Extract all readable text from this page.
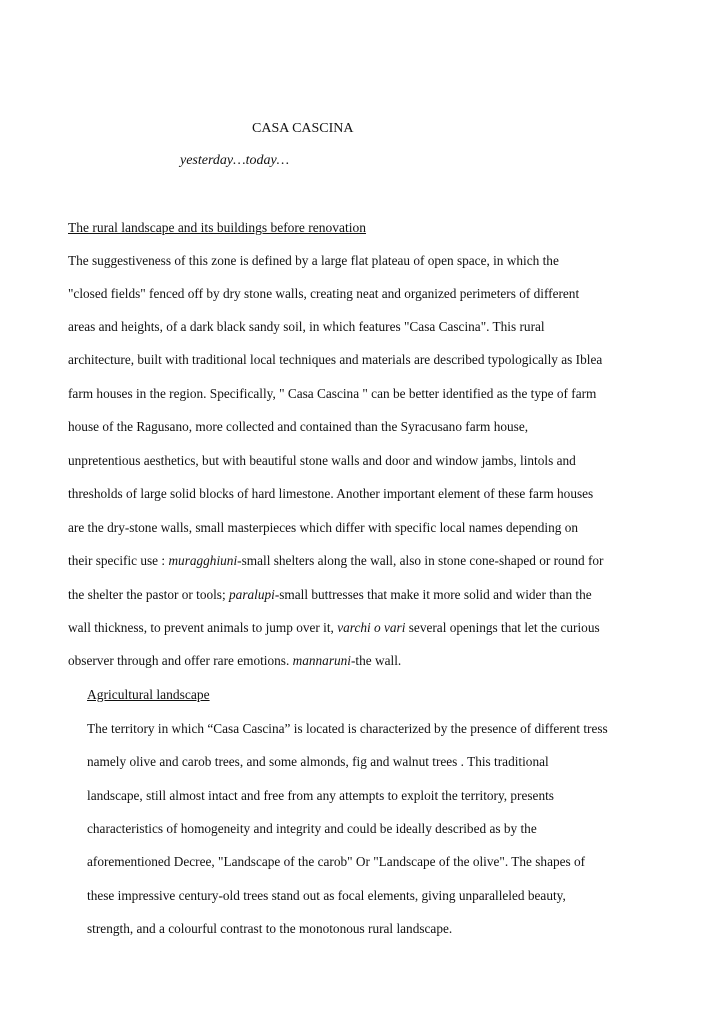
CASA CASCINA
yesterday…today…
The rural landscape and its buildings before renovation
The suggestiveness of this zone is defined by a large flat plateau of open space, in which the
"closed fields" fenced off by dry stone walls, creating neat and organized perimeters of different
areas and heights, of a dark black sandy soil, in which features "Casa Cascina". This rural
architecture, built with traditional local techniques and materials are described typologically as Iblea
farm houses in the region. Specifically, " Casa Cascina " can be better identified as the type of farm
house of the Ragusano, more collected and contained than the Syracusano farm house,
unpretentious aesthetics, but with beautiful stone walls and door and window jambs, lintols and
thresholds of large solid blocks of hard limestone. Another important element of these farm houses
are the dry-stone walls, small masterpieces which differ with specific local names depending on
their specific use : muragghiuni-small shelters along the wall, also in stone cone-shaped or round for
the shelter the pastor or tools; paralupi-small buttresses that make it more solid and wider than the
wall thickness, to prevent animals to jump over it, varchi o vari several openings that let the curious
observer through and offer rare emotions. mannaruni-the wall.
Agricultural landscape
The territory in which “Casa Cascina” is located is characterized by the presence of different tress
namely olive and carob trees, and some almonds, fig and walnut trees . This traditional
landscape, still almost intact and free from any attempts to exploit the territory, presents
characteristics of homogeneity and integrity and could be ideally described as by the
aforementioned Decree, "Landscape of the carob" Or "Landscape of the olive". The shapes of
these impressive century-old trees stand out as focal elements, giving unparalleled beauty,
strength, and a colourful contrast to the monotonous rural landscape.
